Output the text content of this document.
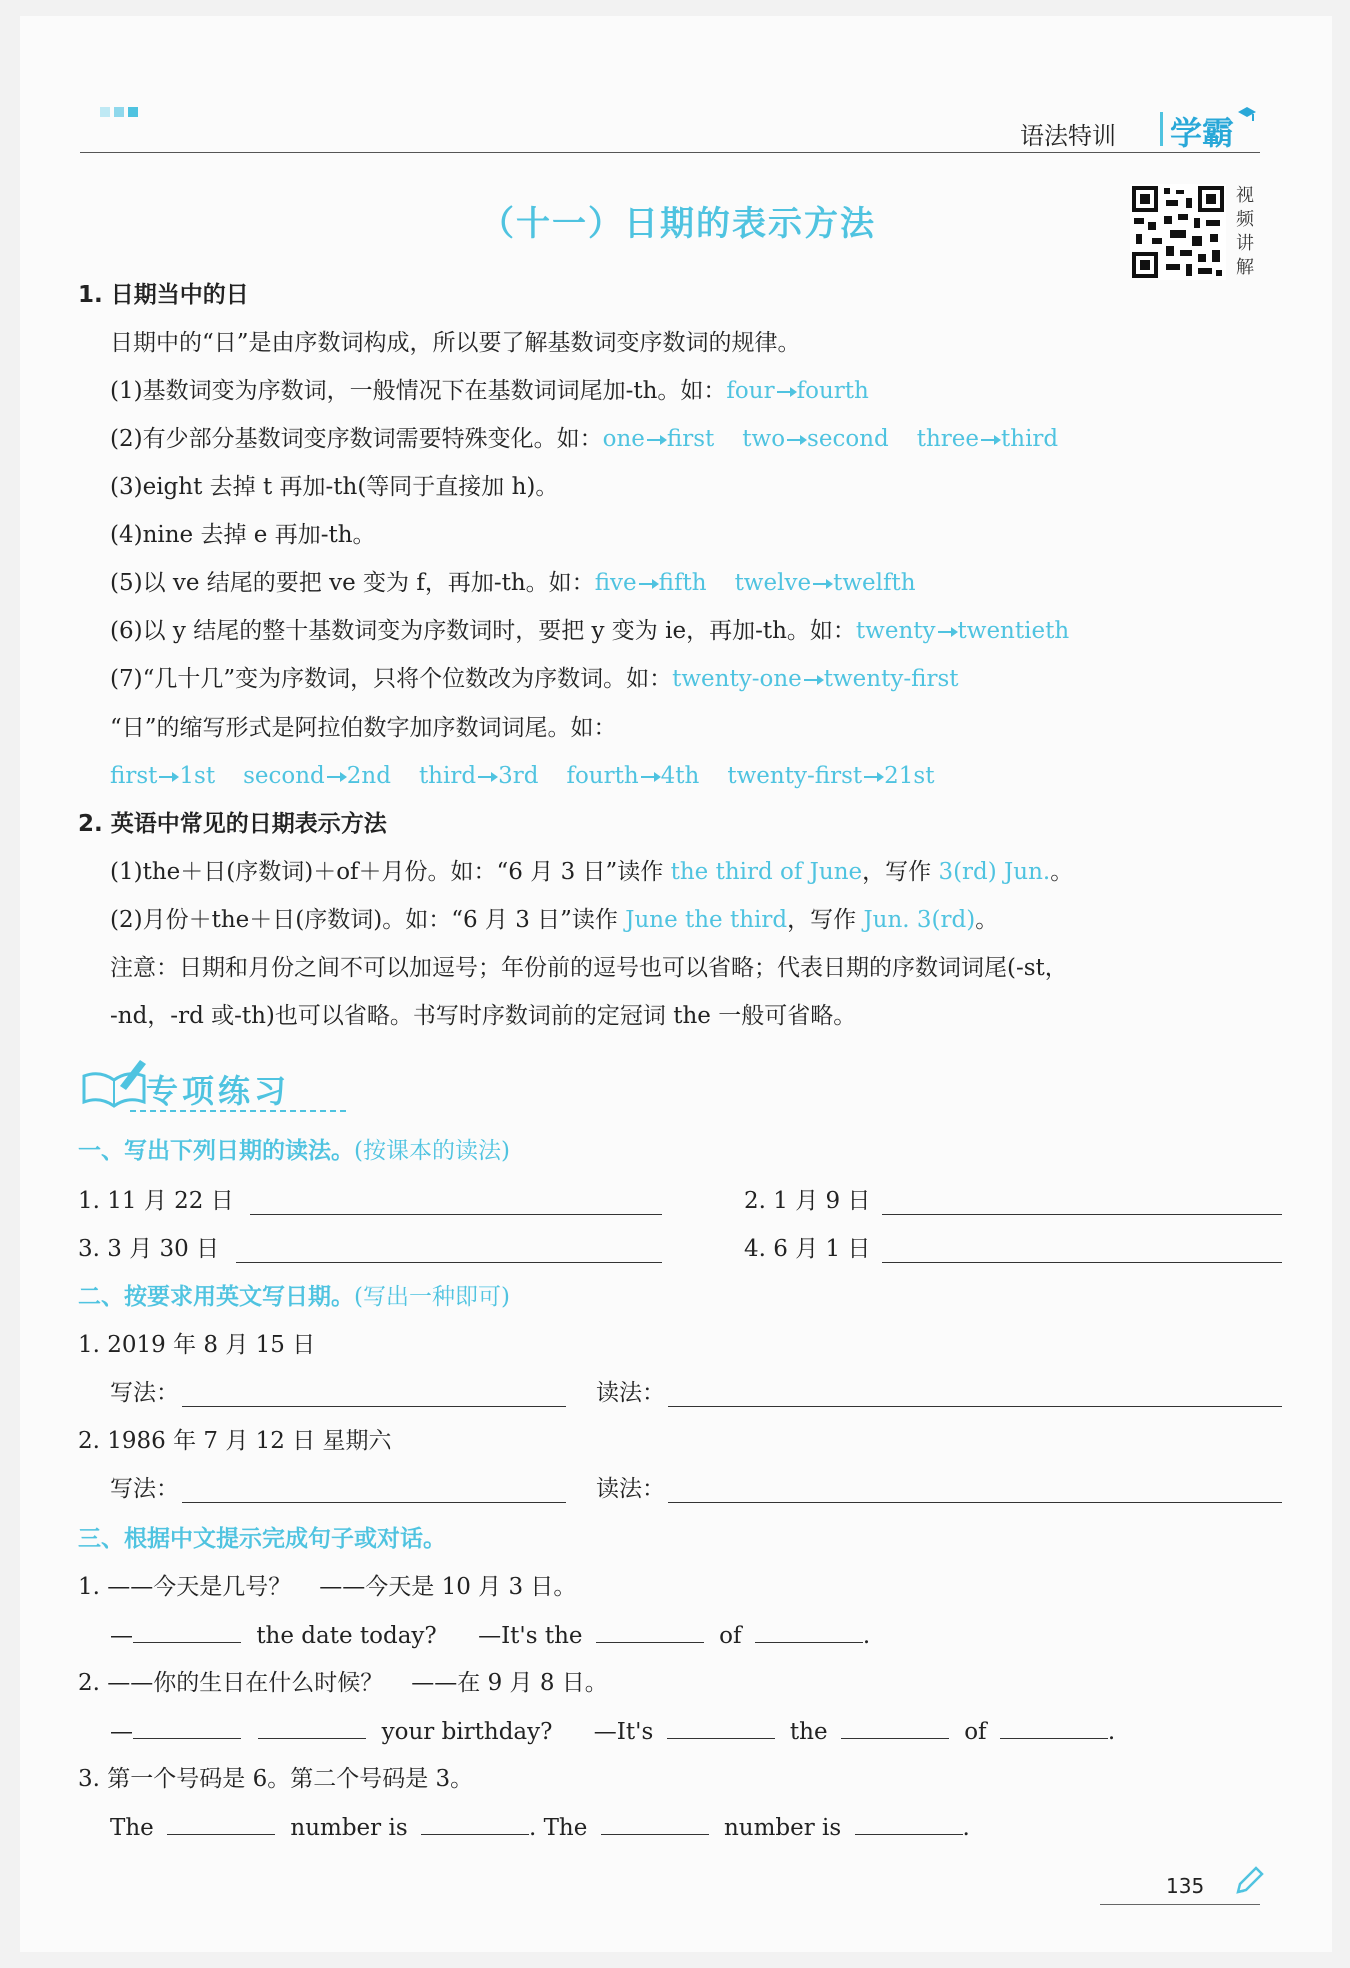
语法特训 学霸
（十一）日期的表示方法
视
频
讲
解
1. 日期当中的日
日期中的“日”是由序数词构成，所以要了解基数词变序数词的规律。
(1)基数词变为序数词，一般情况下在基数词词尾加-th。如：four fourth
(2)有少部分基数词变序数词需要特殊变化。如：one first two second three third
(3)eight 去掉 t 再加-th(等同于直接加 h)。
(4)nine 去掉 e 再加-th。
(5)以 ve 结尾的要把 ve 变为 f，再加-th。如：five fifth twelve twelfth
(6)以 y 结尾的整十基数词变为序数词时，要把 y 变为 ie，再加-th。如：twenty twentieth
(7)“几十几”变为序数词，只将个位数改为序数词。如：twenty-one twenty-first
“日”的缩写形式是阿拉伯数字加序数词词尾。如：
first 1st second 2nd third 3rd fourth 4th twenty-first 21st
2. 英语中常见的日期表示方法
(1)the＋日(序数词)＋of＋月份。如：“6 月 3 日”读作 the third of June，写作 3(rd) Jun.。
(2)月份＋the＋日(序数词)。如：“6 月 3 日”读作 June the third，写作 Jun. 3(rd)。
注意：日期和月份之间不可以加逗号；年份前的逗号也可以省略；代表日期的序数词词尾(-st，
-nd，-rd 或-th)也可以省略。书写时序数词前的定冠词 the 一般可省略。
专项练习
一、写出下列日期的读法。(按课本的读法)
1. 11 月 22 日	2. 1 月 9 日
3. 3 月 30 日	4. 6 月 1 日
二、按要求用英文写日期。(写出一种即可)
1. 2019 年 8 月 15 日
写法：	读法：
2. 1986 年 7 月 12 日 星期六
写法：	读法：
三、根据中文提示完成句子或对话。
1. ——今天是几号？ ——今天是 10 月 3 日。
—	the date today? —It's the	of	.
2. ——你的生日在什么时候？ ——在 9 月 8 日。
—	your birthday? —It's	the	of	.
3. 第一个号码是 6。第二个号码是 3。
The	number is	. The	number is	.
135
